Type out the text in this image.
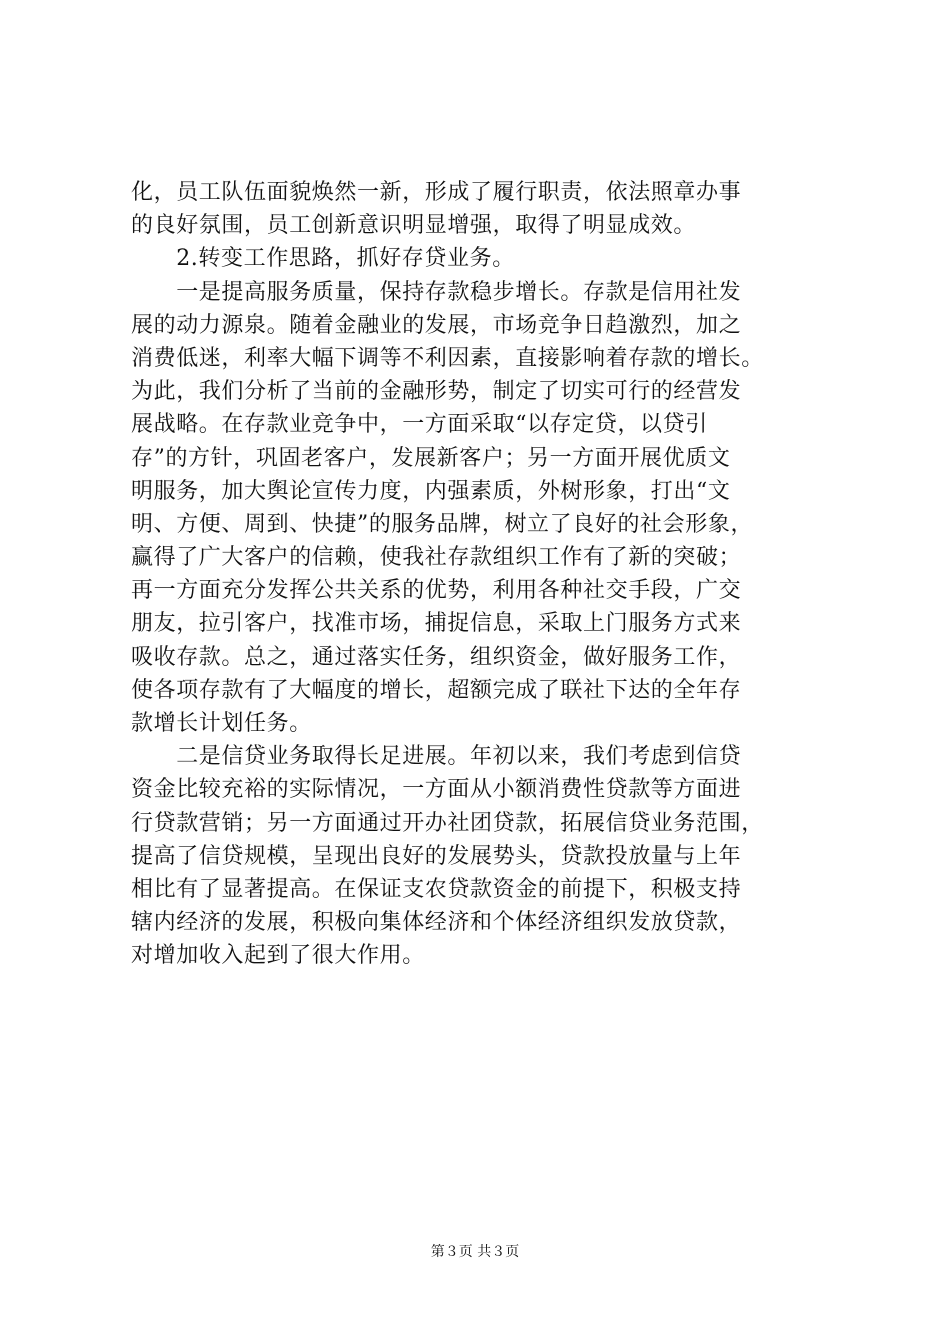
化，员工队伍面貌焕然一新，形成了履行职责，依法照章办事
的良好氛围，员工创新意识明显增强，取得了明显成效。
　　2.转变工作思路，抓好存贷业务。
　　一是提高服务质量，保持存款稳步增长。存款是信用社发
展的动力源泉。随着金融业的发展，市场竞争日趋激烈，加之
消费低迷，利率大幅下调等不利因素，直接影响着存款的增长。
为此，我们分析了当前的金融形势，制定了切实可行的经营发
展战略。在存款业竞争中，一方面采取“以存定贷，以贷引
存”的方针，巩固老客户，发展新客户；另一方面开展优质文
明服务，加大舆论宣传力度，内强素质，外树形象，打出“文
明、方便、周到、快捷”的服务品牌，树立了良好的社会形象，
赢得了广大客户的信赖，使我社存款组织工作有了新的突破；
再一方面充分发挥公共关系的优势，利用各种社交手段，广交
朋友，拉引客户，找准市场，捕捉信息，采取上门服务方式来
吸收存款。总之，通过落实任务，组织资金，做好服务工作，
使各项存款有了大幅度的增长，超额完成了联社下达的全年存
款增长计划任务。
　　二是信贷业务取得长足进展。年初以来，我们考虑到信贷
资金比较充裕的实际情况，一方面从小额消费性贷款等方面进
行贷款营销；另一方面通过开办社团贷款，拓展信贷业务范围，
提高了信贷规模，呈现出良好的发展势头，贷款投放量与上年
相比有了显著提高。在保证支农贷款资金的前提下，积极支持
辖内经济的发展，积极向集体经济和个体经济组织发放贷款，
对增加收入起到了很大作用。
第３页 共３页
